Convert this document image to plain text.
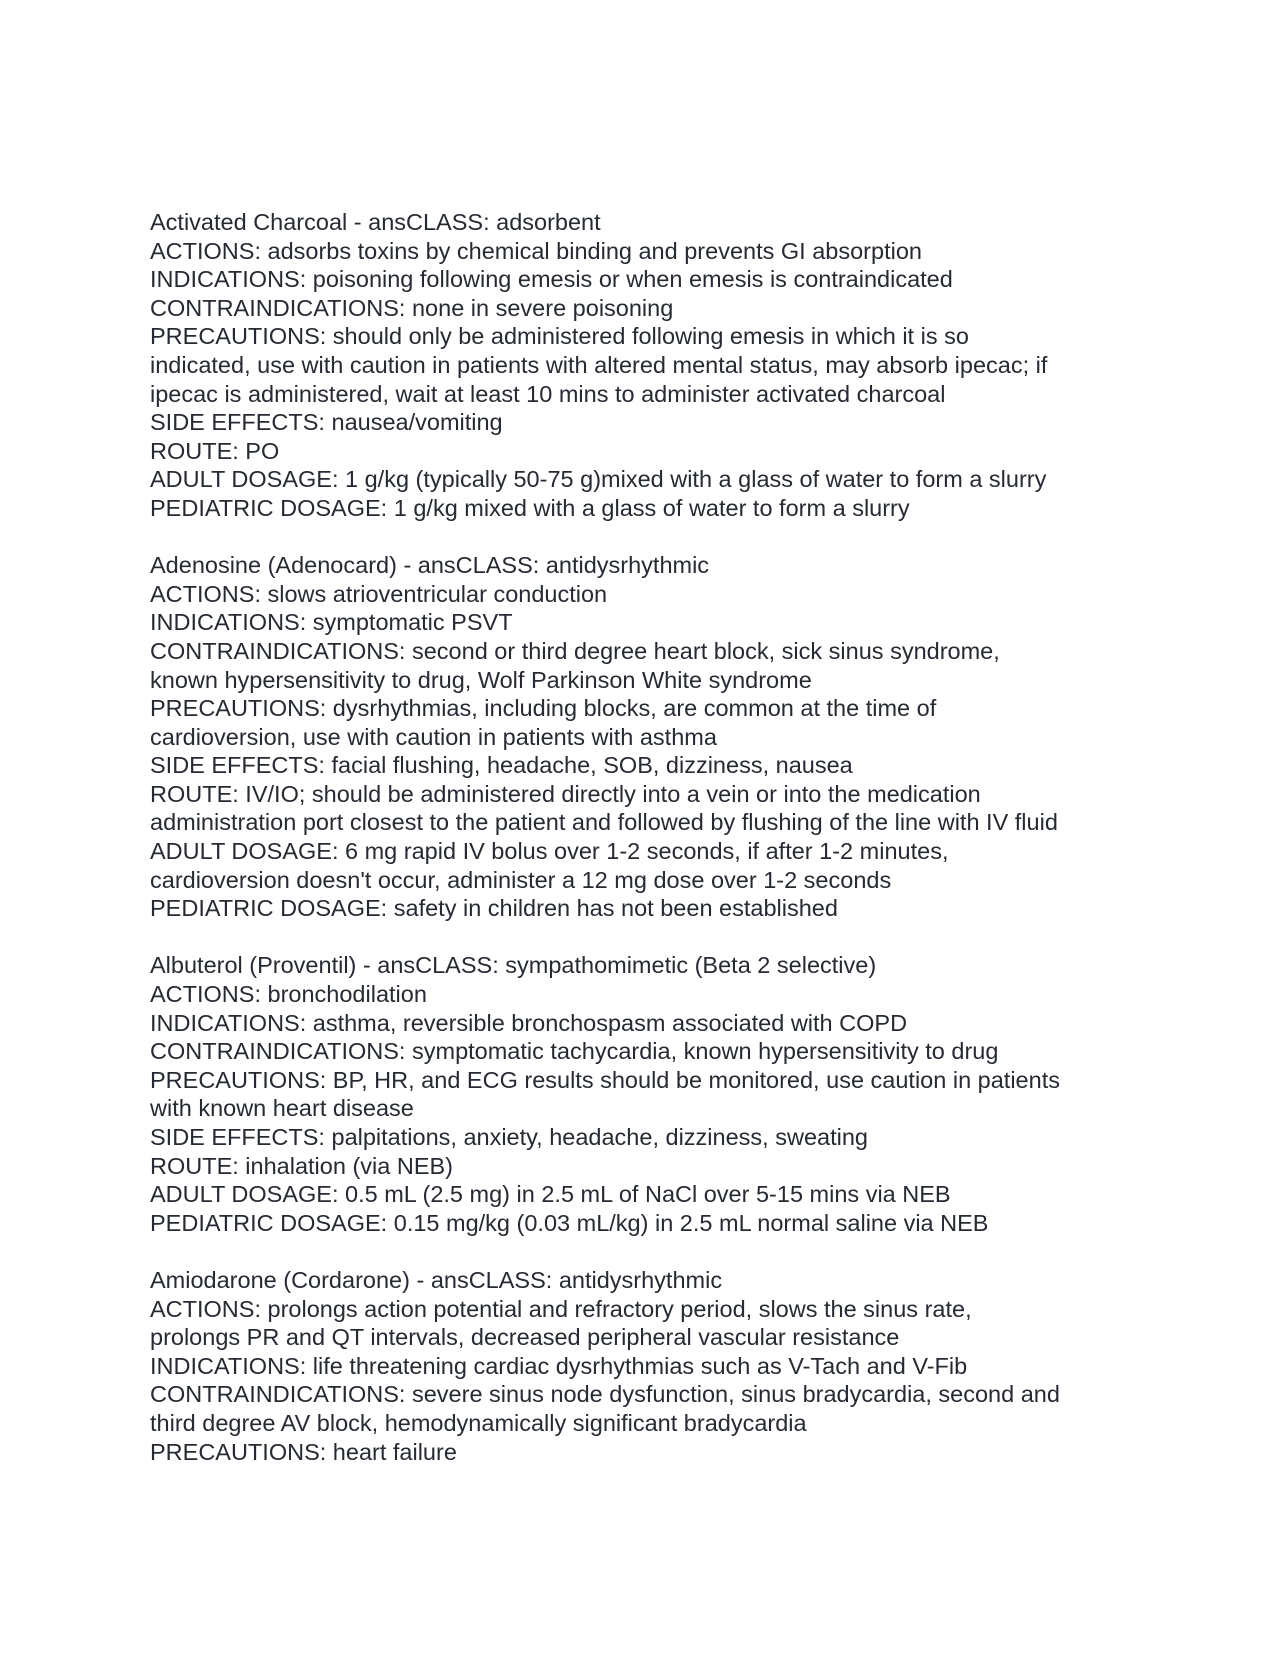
Activated Charcoal - ansCLASS: adsorbent
ACTIONS: adsorbs toxins by chemical binding and prevents GI absorption
INDICATIONS: poisoning following emesis or when emesis is contraindicated
CONTRAINDICATIONS: none in severe poisoning
PRECAUTIONS: should only be administered following emesis in which it is so
indicated, use with caution in patients with altered mental status, may absorb ipecac; if
ipecac is administered, wait at least 10 mins to administer activated charcoal
SIDE EFFECTS: nausea/vomiting
ROUTE: PO
ADULT DOSAGE: 1 g/kg (typically 50-75 g)mixed with a glass of water to form a slurry
PEDIATRIC DOSAGE: 1 g/kg mixed with a glass of water to form a slurry
Adenosine (Adenocard) - ansCLASS: antidysrhythmic
ACTIONS: slows atrioventricular conduction
INDICATIONS: symptomatic PSVT
CONTRAINDICATIONS: second or third degree heart block, sick sinus syndrome,
known hypersensitivity to drug, Wolf Parkinson White syndrome
PRECAUTIONS: dysrhythmias, including blocks, are common at the time of
cardioversion, use with caution in patients with asthma
SIDE EFFECTS: facial flushing, headache, SOB, dizziness, nausea
ROUTE: IV/IO; should be administered directly into a vein or into the medication
administration port closest to the patient and followed by flushing of the line with IV fluid
ADULT DOSAGE: 6 mg rapid IV bolus over 1-2 seconds, if after 1-2 minutes,
cardioversion doesn't occur, administer a 12 mg dose over 1-2 seconds
PEDIATRIC DOSAGE: safety in children has not been established
Albuterol (Proventil) - ansCLASS: sympathomimetic (Beta 2 selective)
ACTIONS: bronchodilation
INDICATIONS: asthma, reversible bronchospasm associated with COPD
CONTRAINDICATIONS: symptomatic tachycardia, known hypersensitivity to drug
PRECAUTIONS: BP, HR, and ECG results should be monitored, use caution in patients
with known heart disease
SIDE EFFECTS: palpitations, anxiety, headache, dizziness, sweating
ROUTE: inhalation (via NEB)
ADULT DOSAGE: 0.5 mL (2.5 mg) in 2.5 mL of NaCl over 5-15 mins via NEB
PEDIATRIC DOSAGE: 0.15 mg/kg (0.03 mL/kg) in 2.5 mL normal saline via NEB
Amiodarone (Cordarone) - ansCLASS: antidysrhythmic
ACTIONS: prolongs action potential and refractory period, slows the sinus rate,
prolongs PR and QT intervals, decreased peripheral vascular resistance
INDICATIONS: life threatening cardiac dysrhythmias such as V-Tach and V-Fib
CONTRAINDICATIONS: severe sinus node dysfunction, sinus bradycardia, second and
third degree AV block, hemodynamically significant bradycardia
PRECAUTIONS: heart failure
